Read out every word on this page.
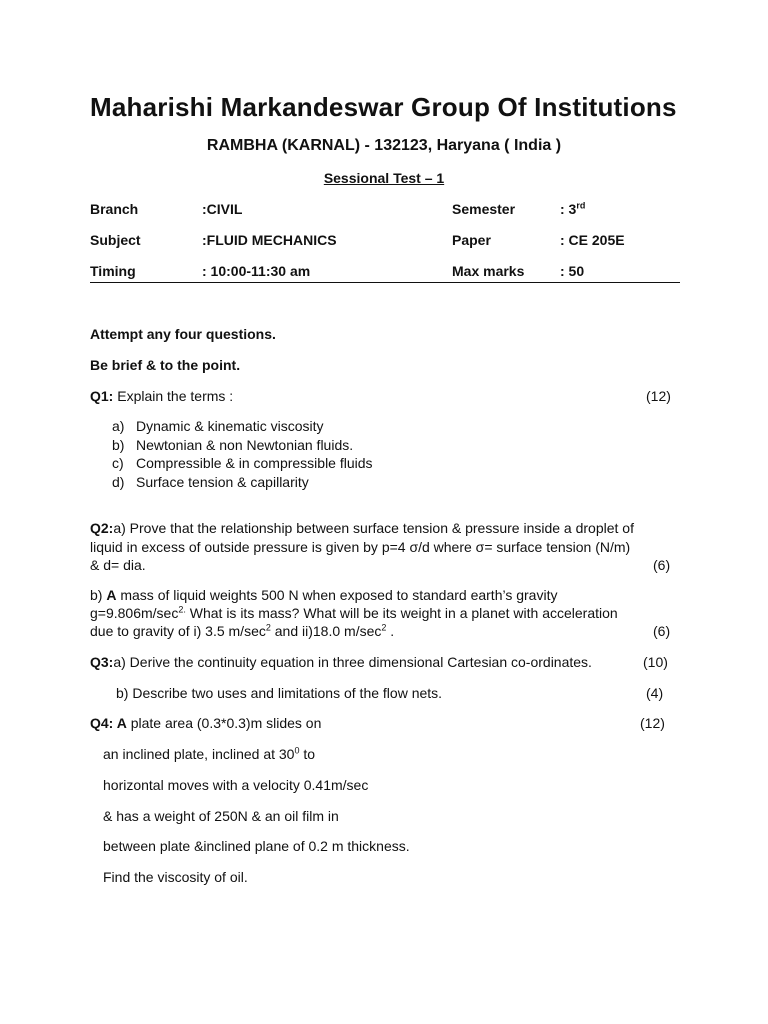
Maharishi Markandeswar Group Of Institutions
RAMBHA (KARNAL) - 132123, Haryana ( India )
Sessional Test – 1
Branch	:CIVIL	Semester	: 3rd
Subject	:FLUID MECHANICS	Paper	: CE 205E
Timing	: 10:00-11:30 am	Max marks	: 50
Attempt any four questions.
Be brief & to the point.
Q1: Explain the terms :	(12)
a) Dynamic & kinematic viscosity
b) Newtonian & non Newtonian fluids.
c) Compressible & in compressible fluids
d) Surface tension & capillarity
Q2:a) Prove that the relationship between surface tension & pressure inside a droplet of
liquid in excess of outside pressure is given by p=4 σ/d where σ= surface tension (N/m)
& d= dia.	(6)
b) A mass of liquid weights 500 N when exposed to standard earth’s gravity
$g=9.806m/\sec^{2.}$ What is its mass? What will be its weight in a planet with acceleration
due to gravity of i) 3.5 $m/\sec^2$ and ii)18.0 $m/\sec^2$ .	(6)
Q3:a) Derive the continuity equation in three dimensional Cartesian co-ordinates.	(10)
b) Describe two uses and limitations of the flow nets.	(4)
Q4: A plate area (0.3*0.3)m slides on	(12)
an inclined plate, inclined at $30^0$ to
horizontal moves with a velocity 0.41m/sec
& has a weight of 250N & an oil film in
between plate &inclined plane of 0.2 m thickness.
Find the viscosity of oil.
